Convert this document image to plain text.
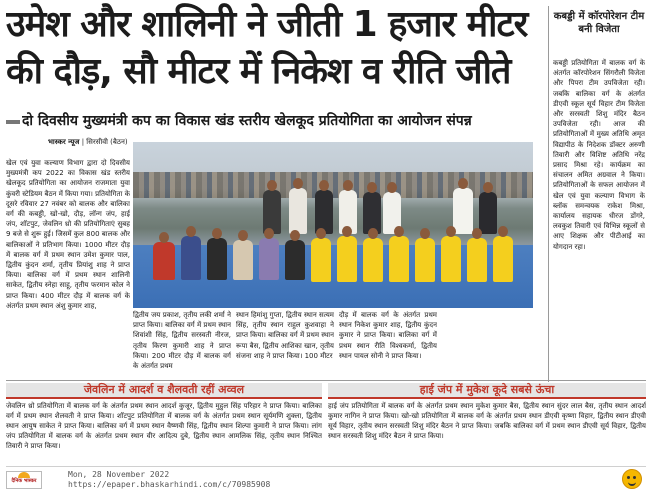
उमेश और शालिनी ने जीती 1 हजार मीटर
की दौड़, सौ मीटर में निकेश व रीति जीते
दो दिवसीय मुख्यमंत्री कप का विकास खंड स्तरीय खेलकूद प्रतियोगिता का आयोजन संपन्न
भास्कर न्यूज | सिरसीवी (बैठन)
खेल एवं युवा कल्याण विभाग द्वारा दो दिवसीय मुख्यमंत्री कप 2022 का विकास खंड स्तरीय खेलकूद प्रतियोगिता का आयोजन राजमाता युवा कुंवरी स्टेडियम बैठन में किया गया। प्रतियोगिता के दूसरे रविवार 27 नवंबर को बालक और बालिका वर्ग की कबड्डी, खो-खो, दौड़, लॉन्ग जंप, हाई जंप, शॉटपुट, जेवलिन थ्रो की प्रतियोगिताएं सुबह 9 बजे से शुरू हुई। जिसमें कुल 800 बालक और बालिकाओं ने प्रतिभाग किया। 1000 मीटर दौड़ में बालक वर्ग में प्रथम स्थान उमेश कुमार पाल, द्वितीय कुंदन शर्मा, तृतीय प्रियांशु शाह ने प्राप्त किया। बालिका वर्ग में प्रथम स्थान शालिनी साकेत, द्वितीय स्नेहा साहू, तृतीय फरमान कोल ने प्राप्त किया। 400 मीटर दौड़ में बालक वर्ग के अंतर्गत प्रथम स्थान अंशु कुमार शाह,
द्वितीय जय प्रकाश, तृतीय लकी शर्मा ने प्राप्त किया। बालिका वर्ग में प्रथम स्थान शिवांशी सिंह, द्वितीय सरस्वती नीरज, तृतीय किरण कुमारी शाह ने प्राप्त किया। 200 मीटर दौड़ में बालक वर्ग के अंतर्गत प्रथम
स्थान हिमांशु गुप्ता, द्वितीय स्थान सत्यम सिंह, तृतीय स्थान राहुल कुशवाहा ने प्राप्त किया। बालिका वर्ग में प्रथम स्थान रूपा बैस, द्वितीय आशिका खान, तृतीय संजना शाह ने प्राप्त किया। 100 मीटर
दौड़ में बालक वर्ग के अंतर्गत प्रथम स्थान निकेश कुमार शाह, द्वितीय कुंदन कुमार ने प्राप्त किया। बालिका वर्ग में प्रथम स्थान रीति विश्वकर्मा, द्वितीय स्थान पायल सोनी ने प्राप्त किया।
कबड्डी में कॉरपोरेशन टीम बनी विजेता
कबड्डी प्रतियोगिता में बालक वर्ग के अंतर्गत कॉरपोरेशन सिंगरौली विजेता और पिपरा टीम उपविजेता रही। जबकि बालिका वर्ग के अंतर्गत डीएवी स्कूल सूर्य विहार टीम विजेता और सरस्वती शिशु मंदिर बैठन उपविजेता रही। आज की प्रतियोगिताओं में मुख्य अतिथि अमृत विद्यापीठ के निदेशक डॉक्टर अरुणी तिवारी और विशिष्ट अतिथि नरेंद्र प्रसाद मिश्रा रहे। कार्यक्रम का संचालन अमित अग्रवाल ने किया। प्रतियोगिताओं के सफल आयोजन में खेल एवं युवा कल्याण विभाग के ब्लॉक समन्वयक राकेश मिश्रा, कार्यालय सहायक धीरज डोंगरे, लवकुश तिवारी एवं विभिन्न स्कूलों से आए शिक्षक और पीटीआई का योगदान रहा।
जेवलिन में आदर्श व शैलवती रहीं अव्वल	हाई जंप में मुकेश कूदे सबसे ऊंचा
जेवलिन थ्रो प्रतियोगिता में बालक वर्ग के अंतर्गत प्रथम स्थान आदर्श कुजूर, द्वितीय मुहुल सिंह परिहार ने प्राप्त किया। बालिका वर्ग में प्रथम स्थान शैलवती ने प्राप्त किया। शॉटपुट प्रतियोगिता में बालक वर्ग के अंतर्गत प्रथम स्थान सूर्यमणि शुक्ला, द्वितीय स्थान आयुष साकेत ने प्राप्त किया। बालिका वर्ग में प्रथम स्थान वैष्णवी सिंह, द्वितीय स्थान शिल्पा कुमारी ने प्राप्त किया। लांग जंप प्रतियोगिता में बालक वर्ग के अंतर्गत प्रथम स्थान वीर आदित्य दुबे, द्वितीय स्थान आमलिक सिंह, तृतीय स्थान निश्चित तिवारी ने प्राप्त किया।
हाई जंप प्रतियोगिता में बालक वर्ग के अंतर्गत प्रथम स्थान मुकेश कुमार बैस, द्वितीय स्थान सुंदर लाल बैस, तृतीय स्थान आदर्श कुमार नागिन ने प्राप्त किया। खो-खो प्रतियोगिता में बालक वर्ग के अंतर्गत प्रथम स्थान डीएवी कृष्णा विहार, द्वितीय स्थान डीएवी सूर्य विहार, तृतीय स्थान सरस्वती शिशु मंदिर बैठन ने प्राप्त किया। जबकि बालिका वर्ग में प्रथम स्थान डीएवी सूर्य विहार, द्वितीय स्थान सरस्वती शिशु मंदिर बैठन ने प्राप्त किया।
दैनिक भास्कर
Mon, 28 November 2022
https://epaper.bhaskarhindi.com/c/70985908
